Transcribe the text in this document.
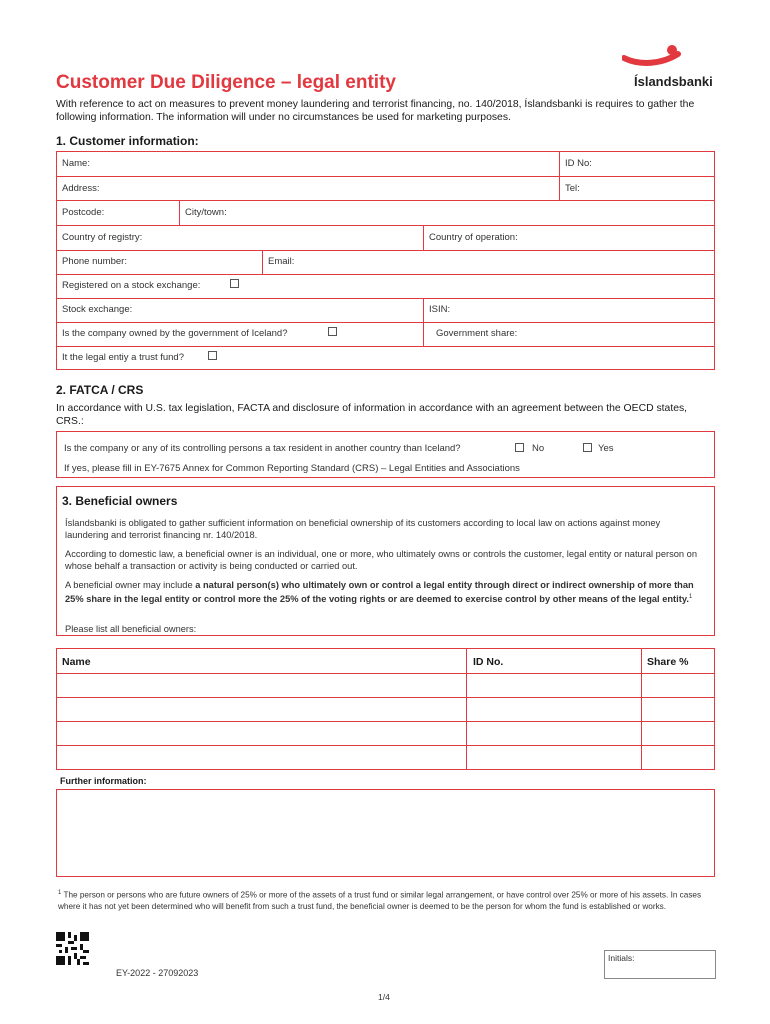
Íslandsbanki
Customer Due Diligence – legal entity
With reference to act on measures to prevent money laundering and terrorist financing, no. 140/2018, Íslandsbanki is requires to gather the following information. The information will under no circumstances be used for marketing purposes.
1. Customer information:
Name:	ID No:
Address:	Tel:
Postcode:	City/town:
Country of registry:	Country of operation:
Phone number:	Email:
Registered on a stock exchange:
Stock exchange:	ISIN:
Is the company owned by the government of Iceland?	Government share:
It the legal entiy a trust fund?
2. FATCA / CRS
In accordance with U.S. tax legislation, FACTA and disclosure of information in accordance with an agreement between the OECD states, CRS.:
Is the company or any of its controlling persons a tax resident in another country than Iceland?	No	Yes
If yes, please fill in EY-7675 Annex for Common Reporting Standard (CRS) – Legal Entities and Associations
3. Beneficial owners
Íslandsbanki is obligated to gather sufficient information on beneficial ownership of its customers according to local law on actions against money laundering and terrorist financing nr. 140/2018.
According to domestic law, a beneficial owner is an individual, one or more, who ultimately owns or controls the customer, legal entity or natural person on whose behalf a transaction or activity is being conducted or carried out.
A beneficial owner may include a natural person(s) who ultimately own or control a legal entity through direct or indirect ownership of more than 25% share in the legal entity or control more the 25% of the voting rights or are deemed to exercise control by other means of the legal entity.$^1$
Please list all beneficial owners:
Name	ID No.	Share %
Further information:
$^1$ The person or persons who are future owners of 25% or more of the assets of a trust fund or similar legal arrangement, or have control over 25% or more of his assets. In cases where it has not yet been determined who will benefit from such a trust fund, the beneficial owner is deemed to be the person for whom the fund is established or works.
Initials:
EY-2022 - 27092023
1/4
